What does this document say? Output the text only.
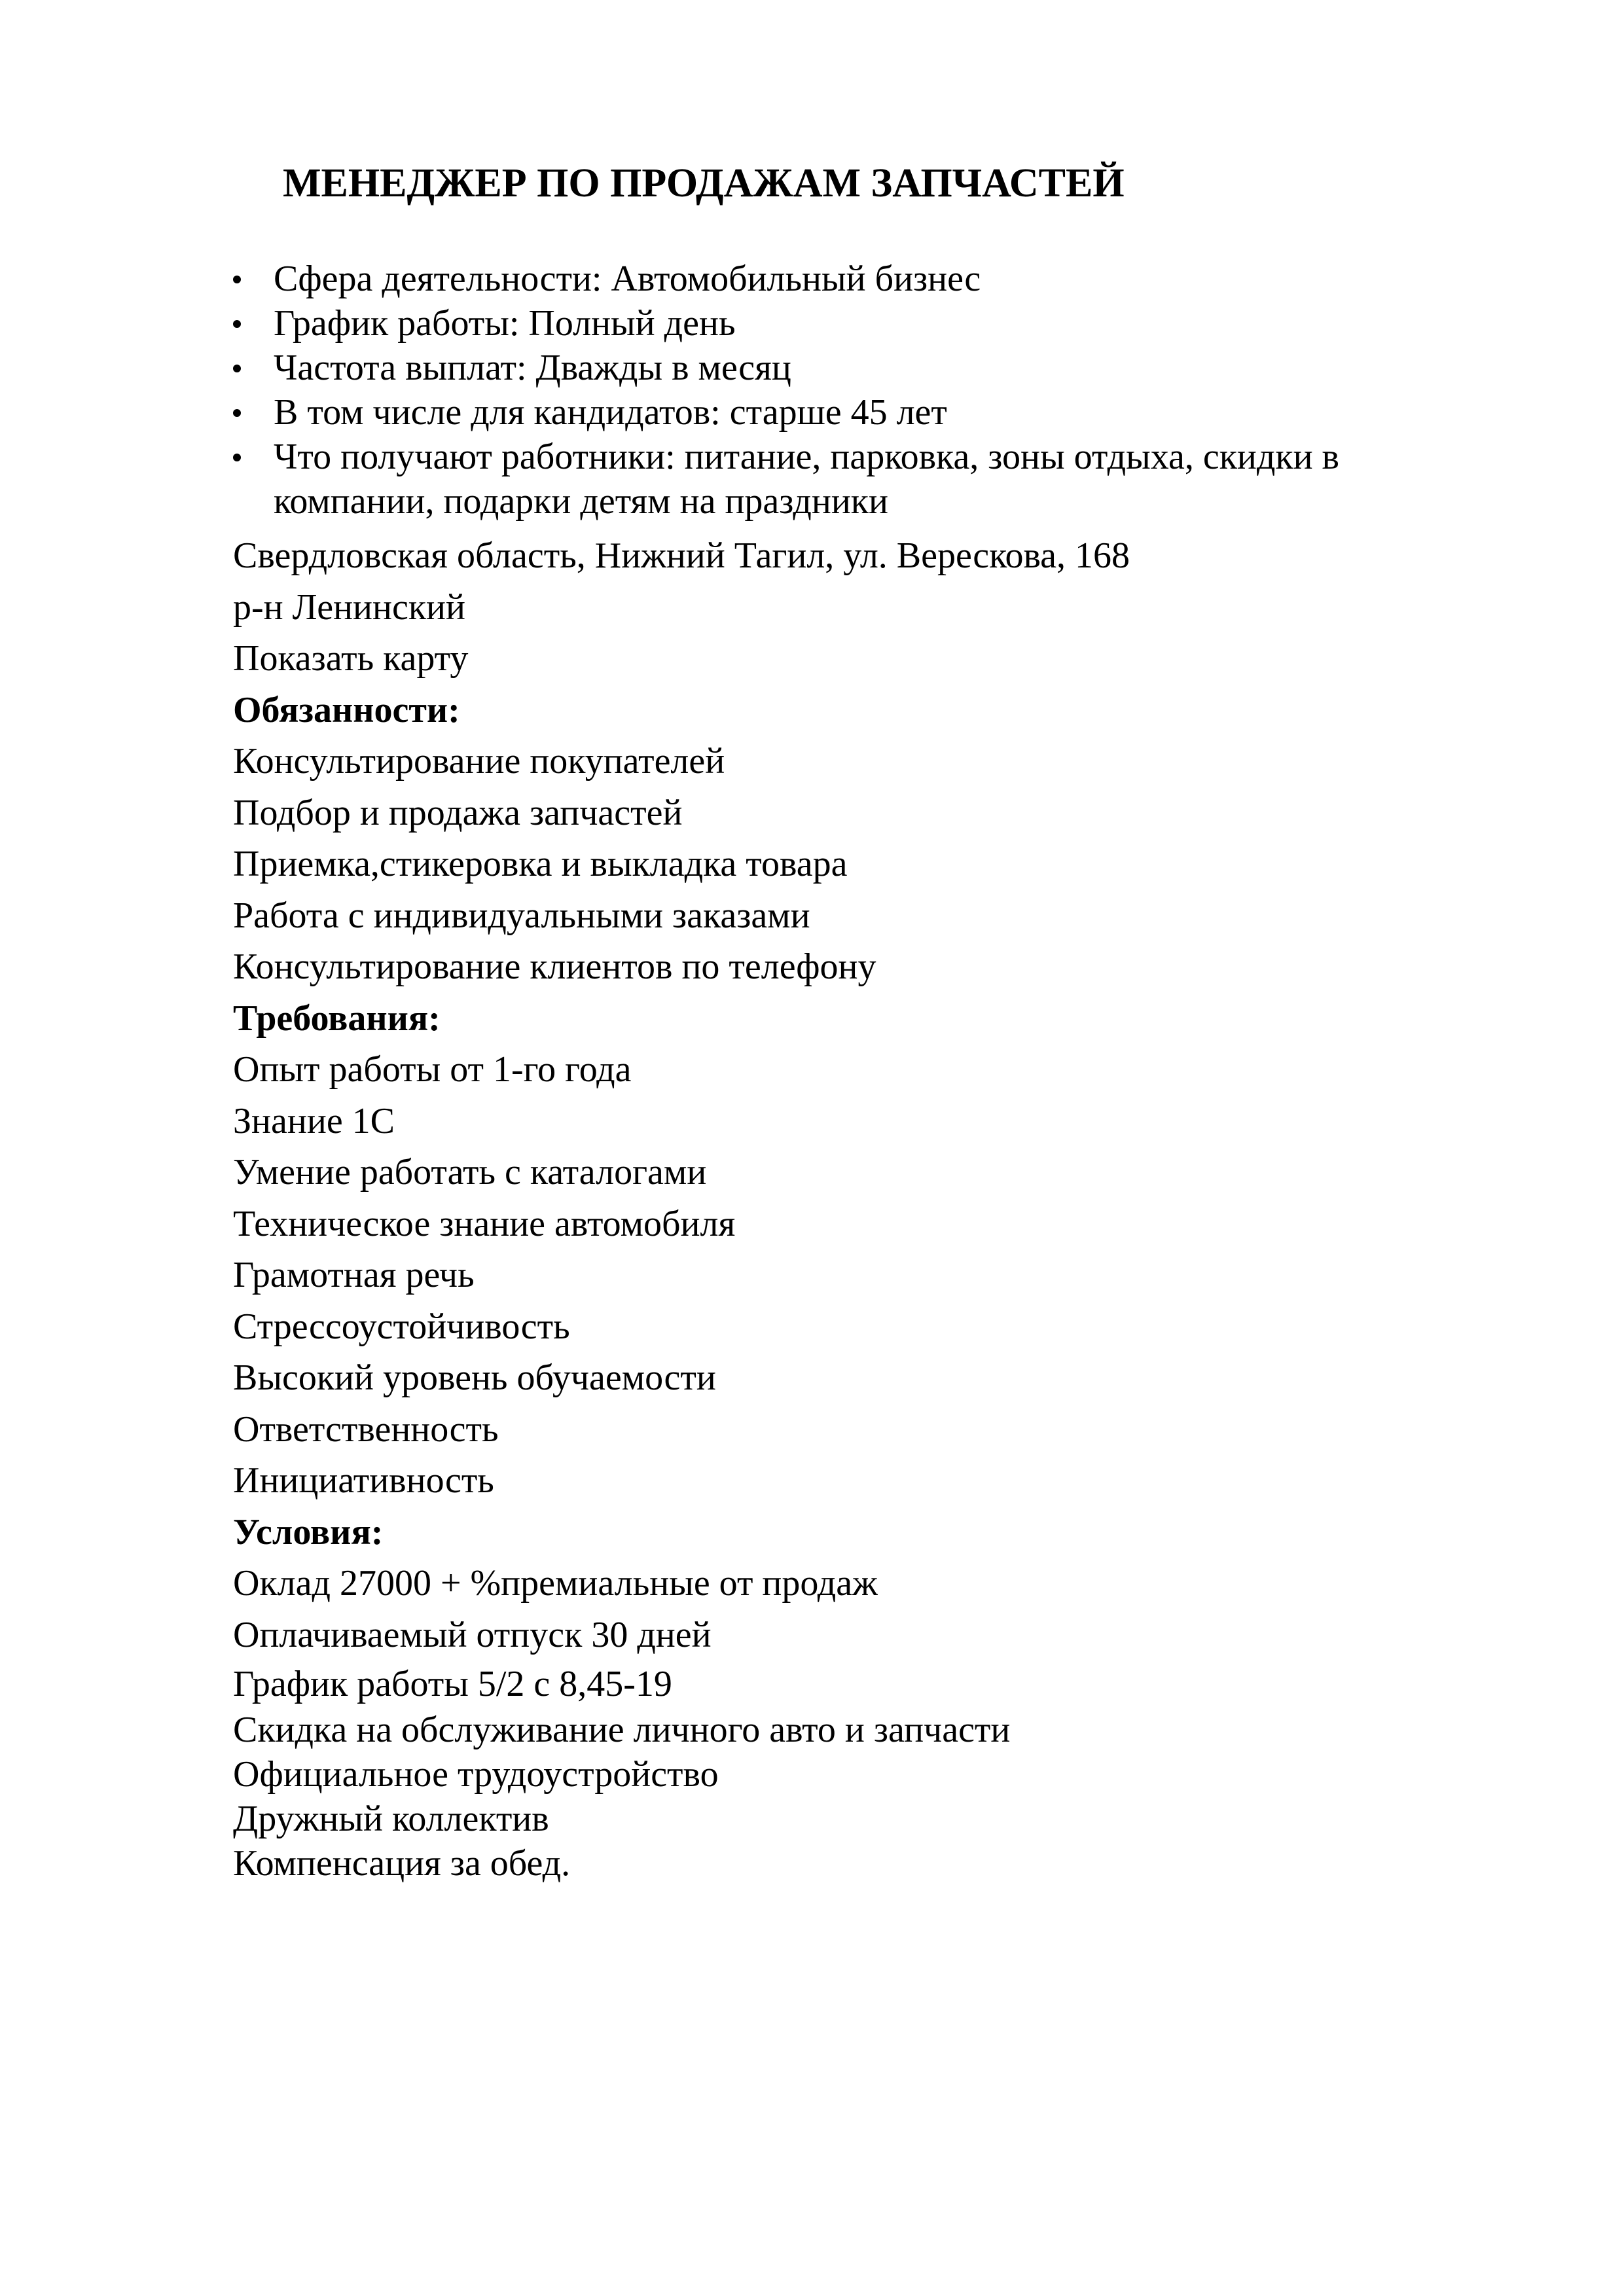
МЕНЕДЖЕР ПО ПРОДАЖАМ ЗАПЧАСТЕЙ
Сфера деятельности: Автомобильный бизнес
График работы: Полный день
Частота выплат: Дважды в месяц
В том числе для кандидатов: старше 45 лет
Что получают работники: питание, парковка, зоны отдыха, скидки в компании, подарки детям на праздники
Свердловская область, Нижний Тагил, ул. Верескова, 168
р-н Ленинский
Показать карту
Обязанности:
Консультирование покупателей
Подбор и продажа запчастей
Приемка,стикеровка и выкладка товара
Работа с индивидуальными заказами
Консультирование клиентов по телефону
Требования:
Опыт работы от 1-го года
Знание 1С
Умение работать с каталогами
Техническое знание автомобиля
Грамотная речь
Стрессоустойчивость
Высокий уровень обучаемости
Ответственность
Инициативность
Условия:
Оклад 27000 + %премиальные от продаж
Оплачиваемый отпуск 30 дней
График работы 5/2 с 8,45-19
Скидка на обслуживание личного авто и запчасти
Официальное трудоустройство
Дружный коллектив
Компенсация за обед.
